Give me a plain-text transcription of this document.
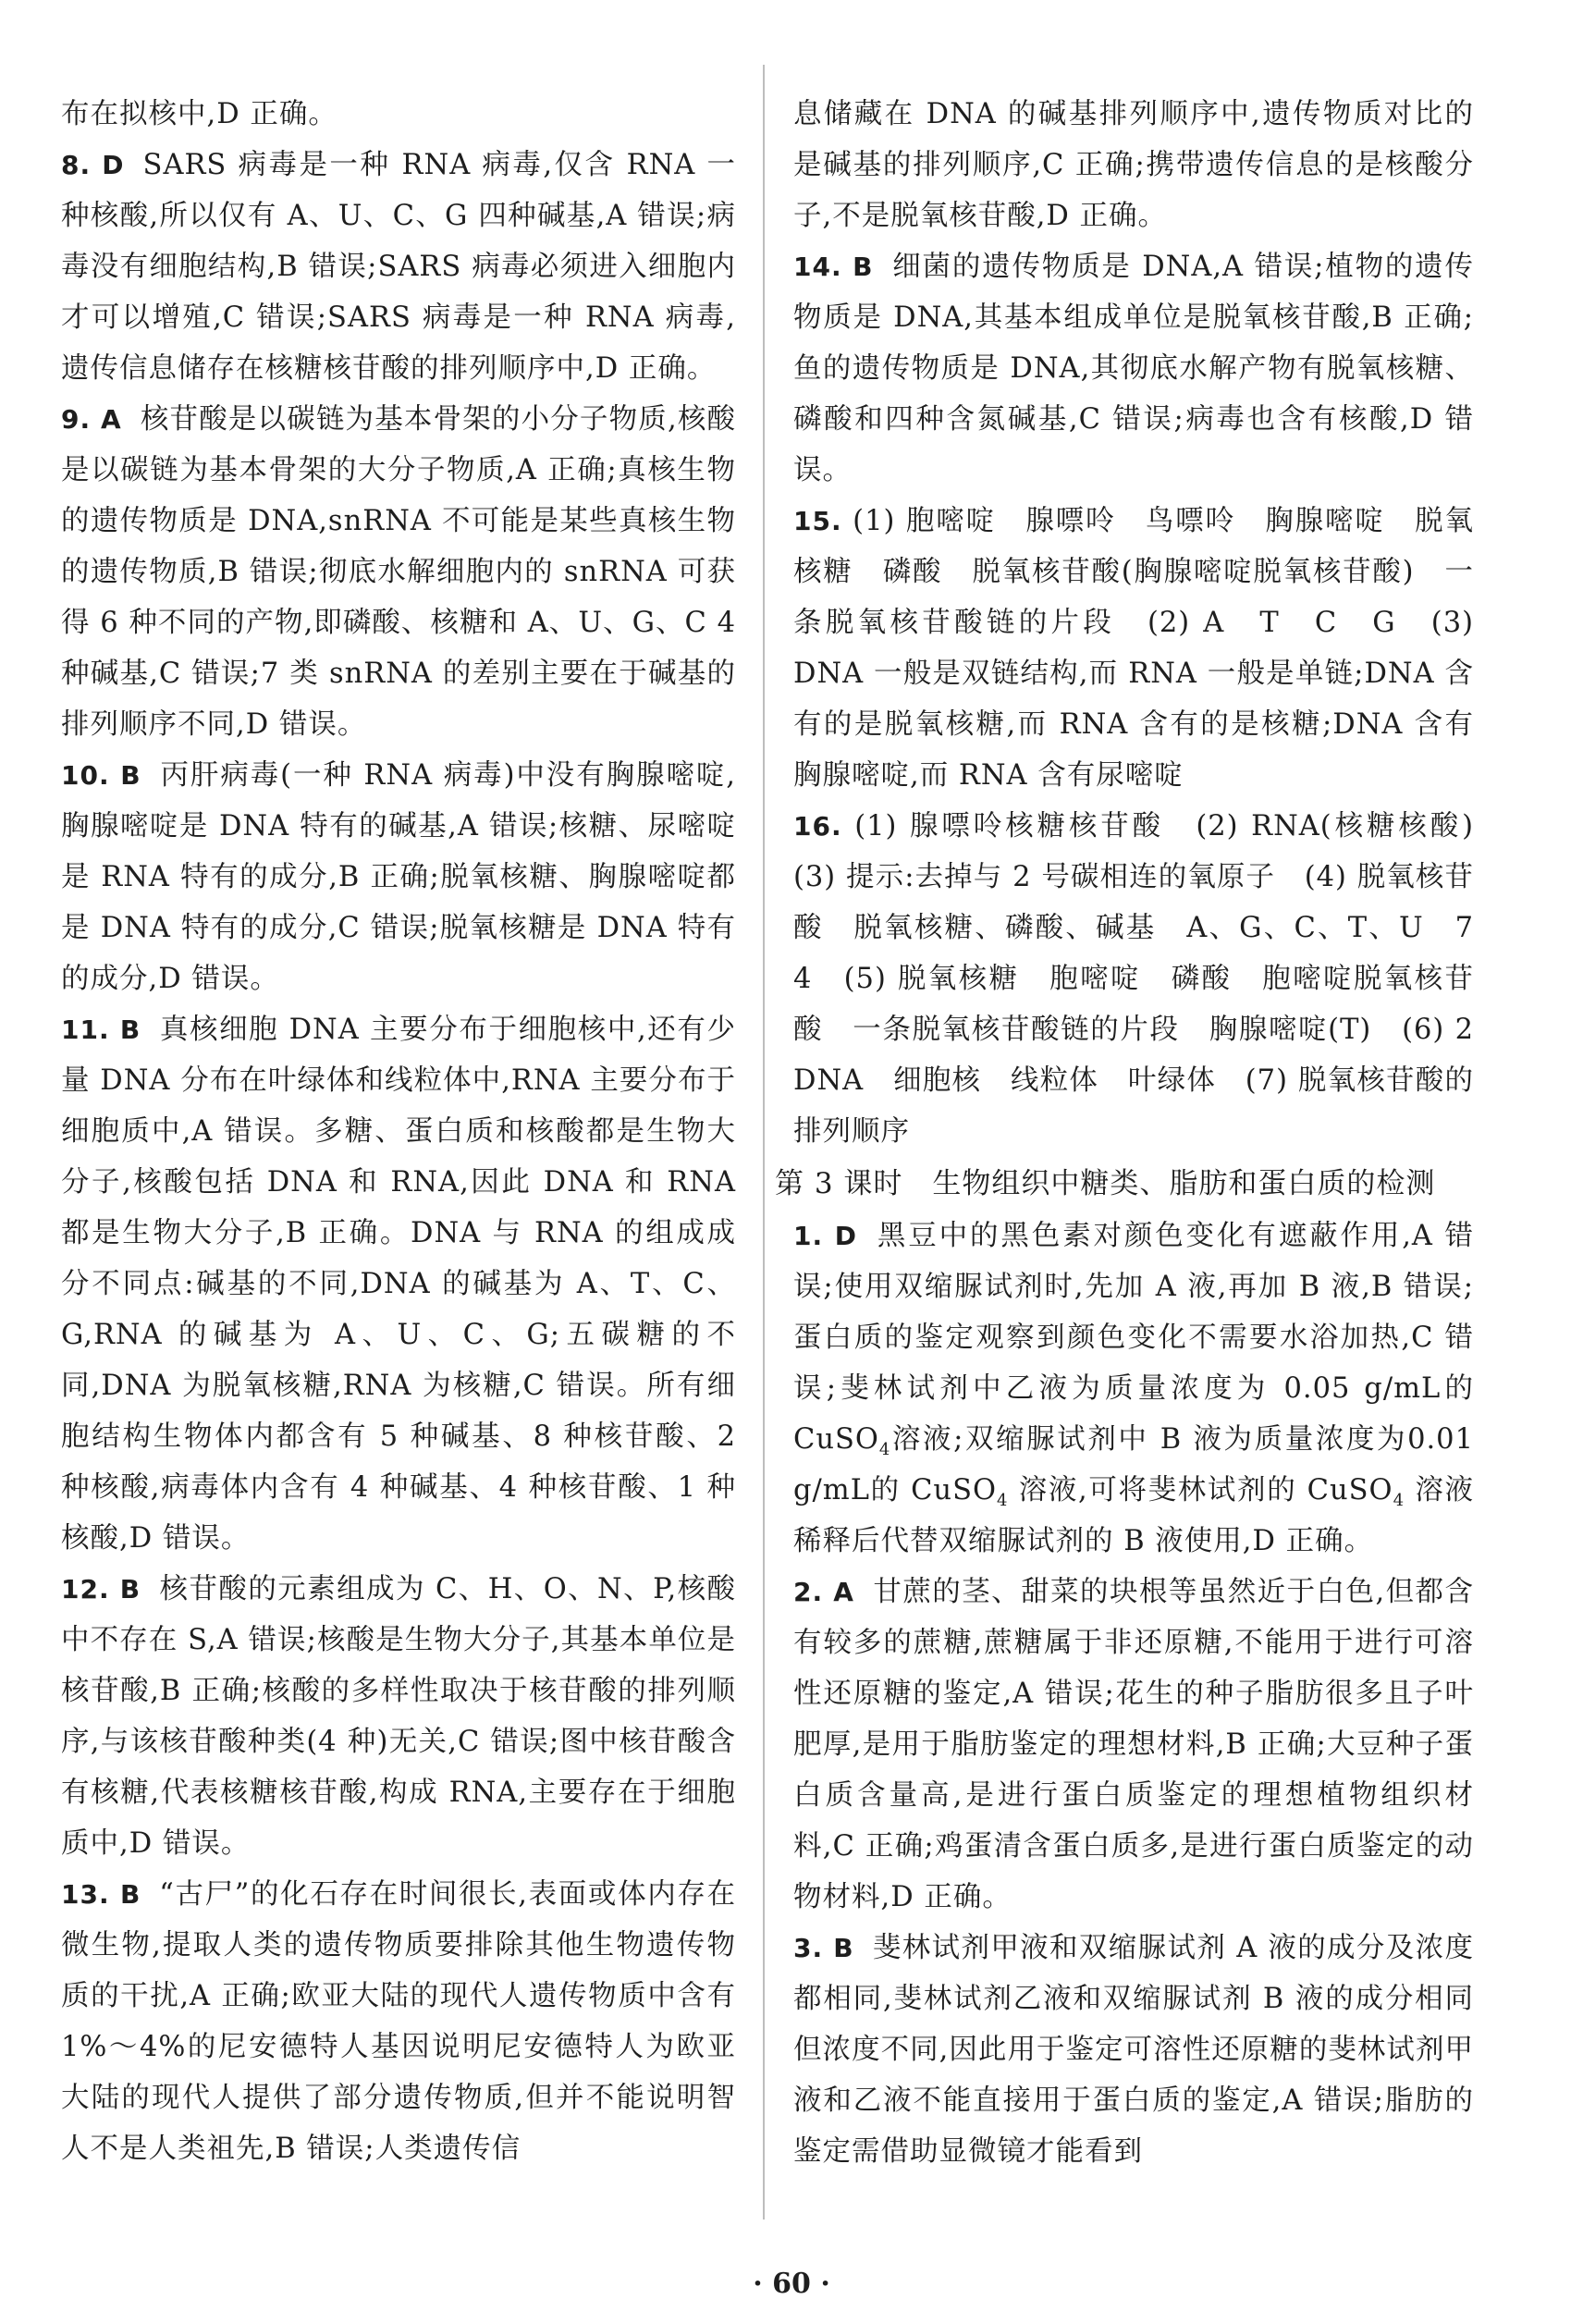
布在拟核中,D 正确。

8. D SARS 病毒是一种 RNA 病毒,仅含 RNA 一种核酸,所以仅有 A、U、C、G 四种碱基,A 错误;病毒没有细胞结构,B 错误;SARS 病毒必须进入细胞内才可以增殖,C 错误;SARS 病毒是一种 RNA 病毒,遗传信息储存在核糖核苷酸的排列顺序中,D 正确。

9. A 核苷酸是以碳链为基本骨架的小分子物质,核酸是以碳链为基本骨架的大分子物质,A 正确;真核生物的遗传物质是 DNA,snRNA 不可能是某些真核生物的遗传物质,B 错误;彻底水解细胞内的 snRNA 可获得 6 种不同的产物,即磷酸、核糖和 A、U、G、C 4 种碱基,C 错误;7 类 snRNA 的差别主要在于碱基的排列顺序不同,D 错误。

10. B 丙肝病毒(一种 RNA 病毒)中没有胸腺嘧啶,胸腺嘧啶是 DNA 特有的碱基,A 错误;核糖、尿嘧啶是 RNA 特有的成分,B 正确;脱氧核糖、胸腺嘧啶都是 DNA 特有的成分,C 错误;脱氧核糖是 DNA 特有的成分,D 错误。

11. B 真核细胞 DNA 主要分布于细胞核中,还有少量 DNA 分布在叶绿体和线粒体中,RNA 主要分布于细胞质中,A 错误。多糖、蛋白质和核酸都是生物大分子,核酸包括 DNA 和 RNA,因此 DNA 和 RNA 都是生物大分子,B 正确。DNA 与 RNA 的组成成分不同点:碱基的不同,DNA 的碱基为 A、T、C、G,RNA 的碱基为 A、U、C、G;五碳糖的不同,DNA 为脱氧核糖,RNA 为核糖,C 错误。所有细胞结构生物体内都含有 5 种碱基、8 种核苷酸、2 种核酸,病毒体内含有 4 种碱基、4 种核苷酸、1 种核酸,D 错误。

12. B 核苷酸的元素组成为 C、H、O、N、P,核酸中不存在 S,A 错误;核酸是生物大分子,其基本单位是核苷酸,B 正确;核酸的多样性取决于核苷酸的排列顺序,与该核苷酸种类(4 种)无关,C 错误;图中核苷酸含有核糖,代表核糖核苷酸,构成 RNA,主要存在于细胞质中,D 错误。

13. B “古尸”的化石存在时间很长,表面或体内存在微生物,提取人类的遗传物质要排除其他生物遗传物质的干扰,A 正确;欧亚大陆的现代人遗传物质中含有 1%～4%的尼安德特人基因说明尼安德特人为欧亚大陆的现代人提供了部分遗传物质,但并不能说明智人不是人类祖先,B 错误;人类遗传信

息储藏在 DNA 的碱基排列顺序中,遗传物质对比的是碱基的排列顺序,C 正确;携带遗传信息的是核酸分子,不是脱氧核苷酸,D 正确。

14. B 细菌的遗传物质是 DNA,A 错误;植物的遗传物质是 DNA,其基本组成单位是脱氧核苷酸,B 正确;鱼的遗传物质是 DNA,其彻底水解产物有脱氧核糖、磷酸和四种含氮碱基,C 错误;病毒也含有核酸,D 错误。

15. (1) 胞嘧啶　腺嘌呤　鸟嘌呤　胸腺嘧啶　脱氧核糖　磷酸　脱氧核苷酸(胸腺嘧啶脱氧核苷酸)　一条脱氧核苷酸链的片段　(2) A　T　C　G　(3) DNA 一般是双链结构,而 RNA 一般是单链;DNA 含有的是脱氧核糖,而 RNA 含有的是核糖;DNA 含有胸腺嘧啶,而 RNA 含有尿嘧啶

16. (1) 腺嘌呤核糖核苷酸　(2) RNA(核糖核酸)　(3) 提示:去掉与 2 号碳相连的氧原子　(4) 脱氧核苷酸　脱氧核糖、磷酸、碱基　A、G、C、T、U　7　4　(5) 脱氧核糖　胞嘧啶　磷酸　胞嘧啶脱氧核苷酸　一条脱氧核苷酸链的片段　胸腺嘧啶(T)　(6) 2　DNA　细胞核　线粒体　叶绿体　(7) 脱氧核苷酸的排列顺序

第 3 课时　生物组织中糖类、脂肪和蛋白质的检测

1. D 黑豆中的黑色素对颜色变化有遮蔽作用,A 错误;使用双缩脲试剂时,先加 A 液,再加 B 液,B 错误;蛋白质的鉴定观察到颜色变化不需要水浴加热,C 错误;斐林试剂中乙液为质量浓度为 0.05 g/mL的CuSO$_4$溶液;双缩脲试剂中 B 液为质量浓度为0.01 g/mL的 CuSO$_4$ 溶液,可将斐林试剂的 CuSO$_4$ 溶液稀释后代替双缩脲试剂的 B 液使用,D 正确。

2. A 甘蔗的茎、甜菜的块根等虽然近于白色,但都含有较多的蔗糖,蔗糖属于非还原糖,不能用于进行可溶性还原糖的鉴定,A 错误;花生的种子脂肪很多且子叶肥厚,是用于脂肪鉴定的理想材料,B 正确;大豆种子蛋白质含量高,是进行蛋白质鉴定的理想植物组织材料,C 正确;鸡蛋清含蛋白质多,是进行蛋白质鉴定的动物材料,D 正确。

3. B 斐林试剂甲液和双缩脲试剂 A 液的成分及浓度都相同,斐林试剂乙液和双缩脲试剂 B 液的成分相同但浓度不同,因此用于鉴定可溶性还原糖的斐林试剂甲液和乙液不能直接用于蛋白质的鉴定,A 错误;脂肪的鉴定需借助显微镜才能看到

· 60 ·
